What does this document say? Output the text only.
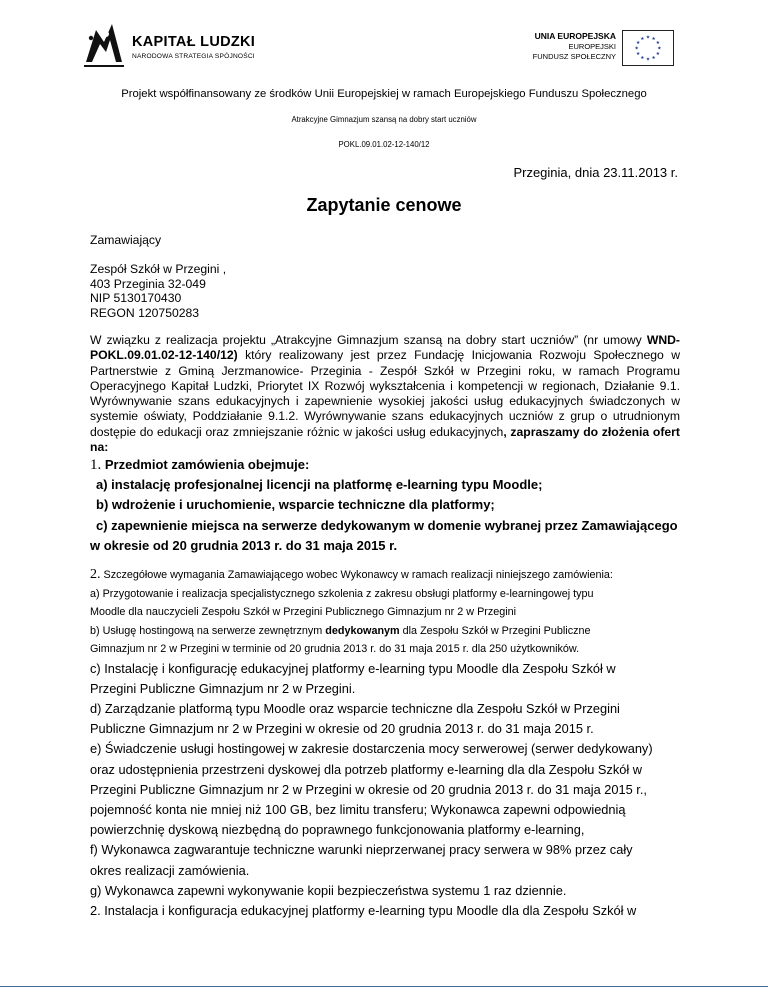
KAPITAŁ LUDZKI
NARODOWA STRATEGIA SPÓJNOŚCI
UNIA EUROPEJSKA
EUROPEJSKI
FUNDUSZ SPOŁECZNY
★ ★
★
★
★
★
★
★
★
★
★
★
Projekt współfinansowany ze środków Unii Europejskiej w ramach Europejskiego Funduszu Społecznego
Atrakcyjne Gimnazjum szansą na dobry start uczniów
POKL.09.01.02-12-140/12
Przeginia, dnia 23.11.2013 r.
Zapytanie cenowe
Zamawiający
Zespół Szkół w Przegini ,
403 Przeginia 32-049
NIP 5130170430
REGON 120750283
W związku z realizacja projektu „Atrakcyjne Gimnazjum szansą na dobry start uczniów” (nr umowy WND-POKL.09.01.02-12-140/12) który realizowany jest przez Fundację Inicjowania Rozwoju Społecznego w Partnerstwie z Gminą Jerzmanowice- Przeginia - Zespół Szkół w Przegini roku, w ramach Programu Operacyjnego Kapitał Ludzki, Priorytet IX Rozwój wykształcenia i kompetencji w regionach, Działanie 9.1. Wyrównywanie szans edukacyjnych i zapewnienie wysokiej jakości usług edukacyjnych świadczonych w systemie oświaty, Poddziałanie 9.1.2. Wyrównywanie szans edukacyjnych uczniów z grup o utrudnionym dostępie do edukacji oraz zmniejszanie różnic w jakości usług edukacyjnych, zapraszamy do złożenia ofert na:
1. Przedmiot zamówienia obejmuje:
a) instalację profesjonalnej licencji na platformę e-learning typu Moodle;
b) wdrożenie i uruchomienie, wsparcie techniczne dla platformy;
c) zapewnienie miejsca na serwerze dedykowanym w domenie wybranej przez Zamawiającego
w okresie od 20 grudnia 2013 r. do 31 maja 2015 r.
2. Szczegółowe wymagania Zamawiającego wobec Wykonawcy w ramach realizacji niniejszego zamówienia:
a) Przygotowanie i realizacja specjalistycznego szkolenia z zakresu obsługi platformy e-learningowej typu
Moodle dla nauczycieli Zespołu Szkół w Przegini Publicznego Gimnazjum nr 2 w Przegini
b) Usługę hostingową na serwerze zewnętrznym dedykowanym dla Zespołu Szkół w Przegini Publiczne
Gimnazjum nr 2 w Przegini w terminie od 20 grudnia 2013 r. do 31 maja 2015 r. dla 250 użytkowników.
c) Instalację i konfigurację edukacyjnej platformy e-learning typu Moodle dla Zespołu Szkół w
Przegini Publiczne Gimnazjum nr 2 w Przegini.
d) Zarządzanie platformą typu Moodle oraz wsparcie techniczne dla Zespołu Szkół w Przegini
Publiczne Gimnazjum nr 2 w Przegini w okresie od 20 grudnia 2013 r. do 31 maja 2015 r.
e) Świadczenie usługi hostingowej w zakresie dostarczenia mocy serwerowej (serwer dedykowany)
oraz udostępnienia przestrzeni dyskowej dla potrzeb platformy e-learning dla dla Zespołu Szkół w
Przegini Publiczne Gimnazjum nr 2 w Przegini w okresie od 20 grudnia 2013 r. do 31 maja 2015 r.,
pojemność konta nie mniej niż 100 GB, bez limitu transferu; Wykonawca zapewni odpowiednią
powierzchnię dyskową niezbędną do poprawnego funkcjonowania platformy e-learning,
f) Wykonawca zagwarantuje techniczne warunki nieprzerwanej pracy serwera w 98% przez cały
okres realizacji zamówienia.
g) Wykonawca zapewni wykonywanie kopii bezpieczeństwa systemu 1 raz dziennie.
2. Instalacja i konfiguracja edukacyjnej platformy e-learning typu Moodle dla dla Zespołu Szkół w
